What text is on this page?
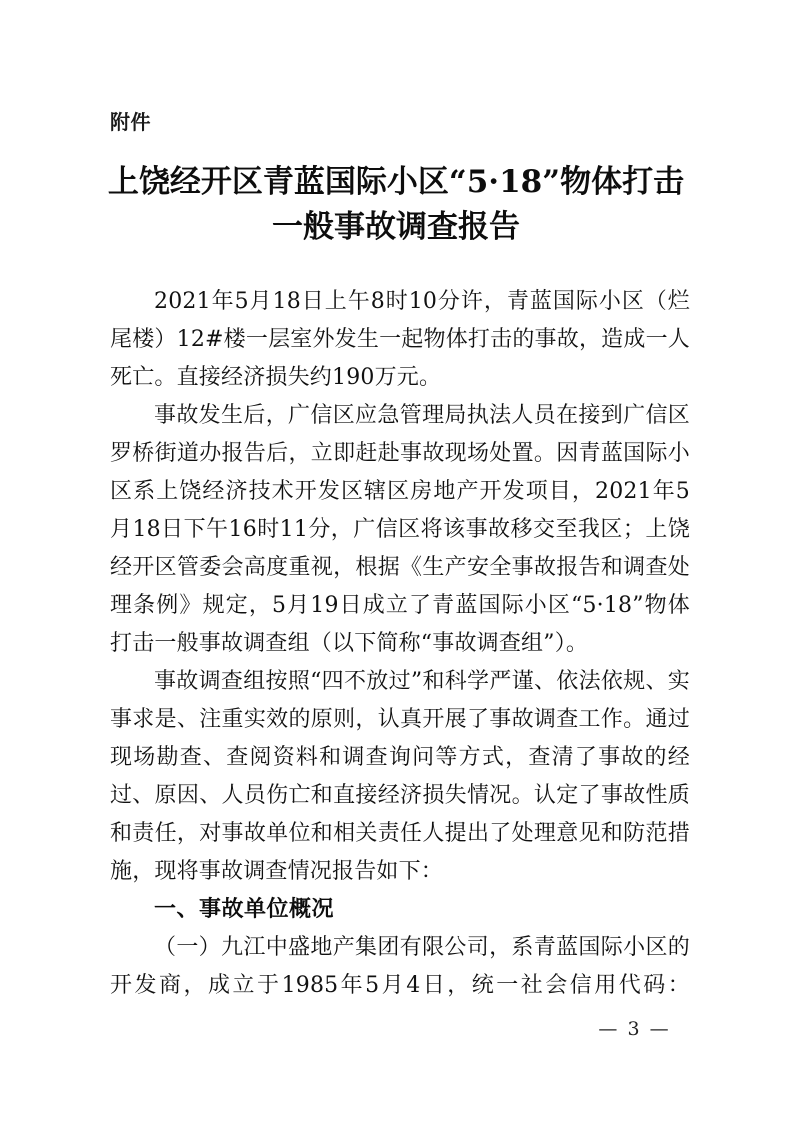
附件
上饶经开区青蓝国际小区“5·18”物体打击
一般事故调查报告

2021年5月18日上午8时10分许，青蓝国际小区（烂尾楼）12#楼一层室外发生一起物体打击的事故，造成一人死亡。直接经济损失约190万元。

事故发生后，广信区应急管理局执法人员在接到广信区罗桥街道办报告后，立即赶赴事故现场处置。因青蓝国际小区系上饶经济技术开发区辖区房地产开发项目，2021年5月18日下午16时11分，广信区将该事故移交至我区；上饶经开区管委会高度重视，根据《生产安全事故报告和调查处理条例》规定，5月19日成立了青蓝国际小区“5·18”物体打击一般事故调查组（以下简称“事故调查组”）。

事故调查组按照“四不放过”和科学严谨、依法依规、实事求是、注重实效的原则，认真开展了事故调查工作。通过现场勘查、查阅资料和调查询问等方式，查清了事故的经过、原因、人员伤亡和直接经济损失情况。认定了事故性质和责任，对事故单位和相关责任人提出了处理意见和防范措施，现将事故调查情况报告如下：

一、事故单位概况

（一）九江中盛地产集团有限公司，系青蓝国际小区的开发商，成立于1985年5月4日，统一社会信用代码：

— 3 —
